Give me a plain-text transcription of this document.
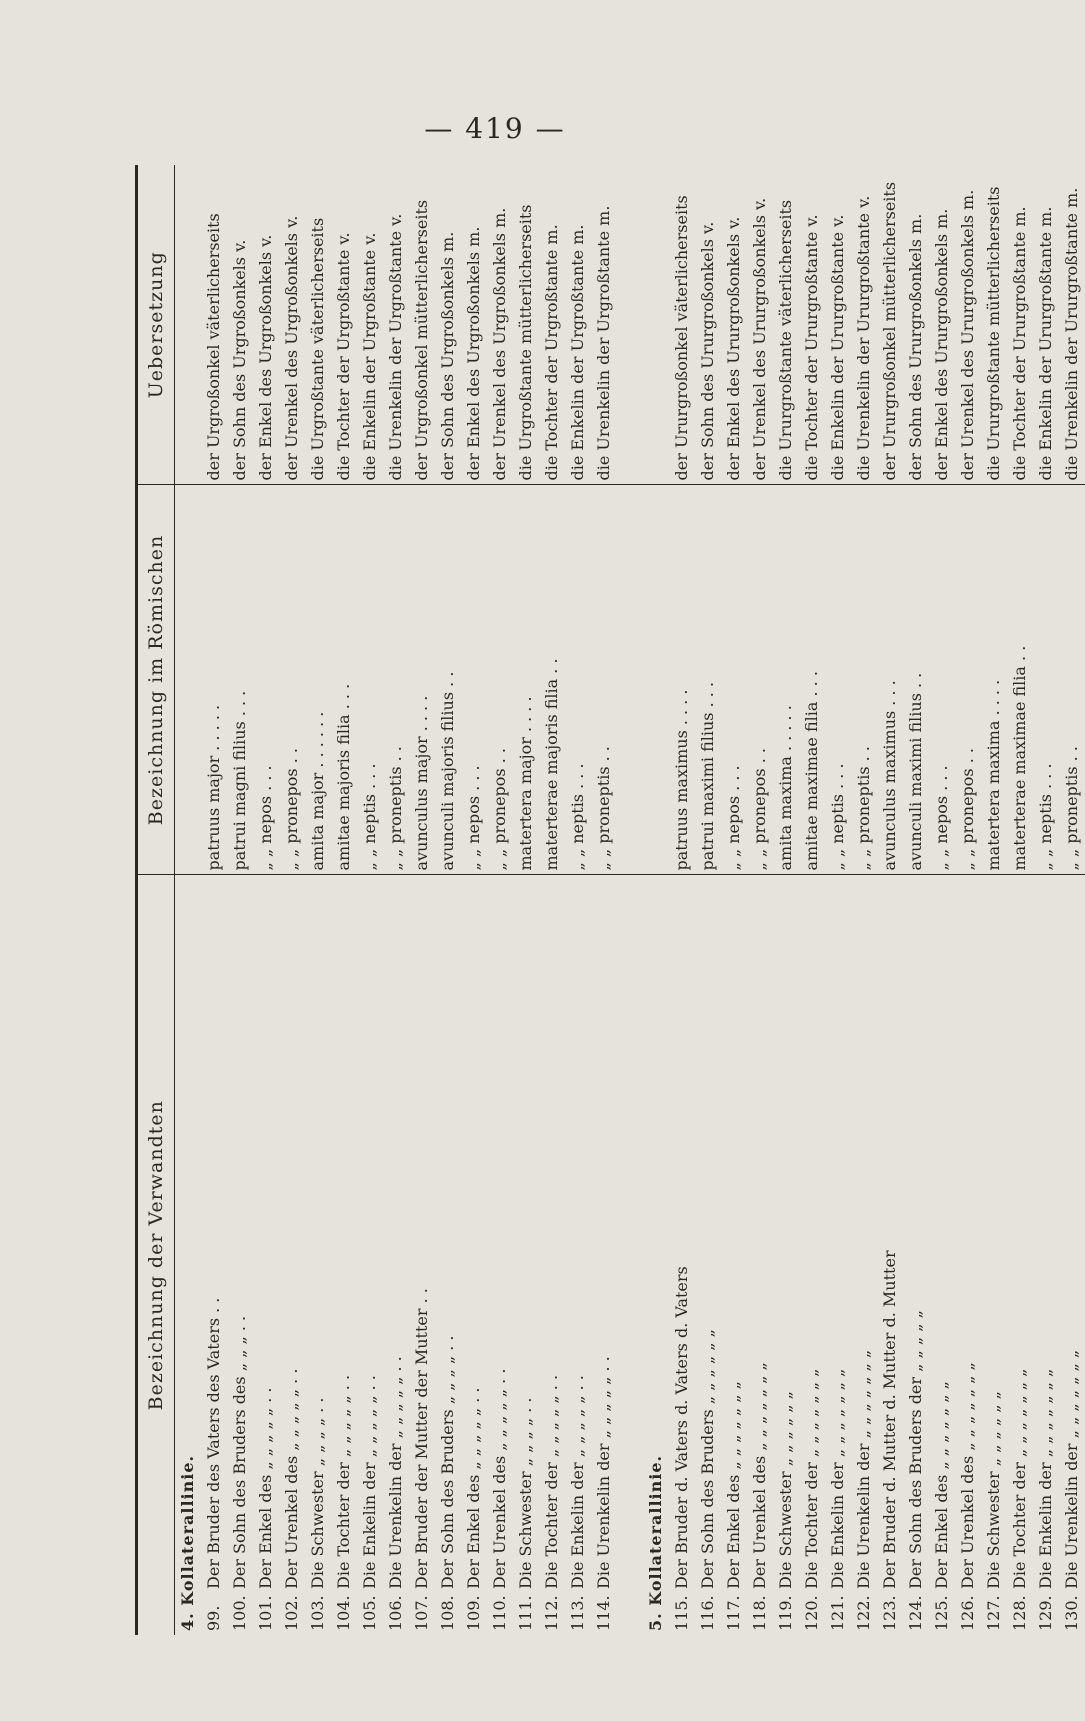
— 419 —
Bezeichnung der Verwandten	Bezeichnung im Römischen	Uebersetzung
4. Kollaterallinie.		
99.Der Bruder des Vaters des Vaters . .	patruus major . . . . .	der Urgroßonkel väterlicherseits
100.Der Sohn des Bruders des „ „ „ . .	patrui magni filius . . .	der Sohn des Urgroßonkels v.
101.Der Enkel des „ „ „ „ „ . .	„ „ nepos . . .	der Enkel des Urgroßonkels v.
102.Der Urenkel des „ „ „ „ „ . .	„ „ pronepos . .	der Urenkel des Urgroßonkels v.
103.Die Schwester „ „ „ „ . .	amita major . . . . . .	die Urgroßtante väterlicherseits
104.Die Tochter der „ „ „ „ „ . .	amitae majoris filia . . .	die Tochter der Urgroßtante v.
105.Die Enkelin der „ „ „ „ „ . .	„ „ neptis . . .	die Enkelin der Urgroßtante v.
106.Die Urenkelin der „ „ „ „ „ . .	„ „ proneptis . .	die Urenkelin der Urgroßtante v.
107.Der Bruder der Mutter der Mutter . .	avunculus major . . . .	der Urgroßonkel mütterlicherseits
108.Der Sohn des Bruders „ „ „ „ . .	avunculi majoris filius . .	der Sohn des Urgroßonkels m.
109.Der Enkel des „ „ „ „ „ . .	„ „ nepos . . .	der Enkel des Urgroßonkels m.
110.Der Urenkel des „ „ „ „ „ . .	„ „ pronepos . .	der Urenkel des Urgroßonkels m.
111.Die Schwester „ „ „ „ . .	matertera major . . . .	die Urgroßtante mütterlicherseits
112.Die Tochter der „ „ „ „ „ . .	materterae majoris filia . .	die Tochter der Urgroßtante m.
113.Die Enkelin der „ „ „ „ „ . .	„ „ neptis . . .	die Enkelin der Urgroßtante m.
114.Die Urenkelin der „ „ „ „ „ . .	„ „ proneptis . .	die Urenkelin der Urgroßtante m.

5. Kollaterallinie.		
115.Der Bruder d. Vaters d. Vaters d. Vaters	patruus maximus . . . .	der Ururgroßonkel väterlicherseits
116.Der Sohn des Bruders „ „ „ „ „ „	patrui maximi filius . . .	der Sohn des Ururgroßonkels v.
117.Der Enkel des „ „ „ „ „ „ „	„ „ nepos . . .	der Enkel des Ururgroßonkels v.
118.Der Urenkel des „ „ „ „ „ „ „	„ „ pronepos . .	der Urenkel des Ururgroßonkels v.
119.Die Schwester „ „ „ „ „ „	amita maxima . . . . .	die Ururgroßtante väterlicherseits
120.Die Tochter der „ „ „ „ „ „ „	amitae maximae filia . . .	die Tochter der Ururgroßtante v.
121.Die Enkelin der „ „ „ „ „ „ „	„ „ neptis . . .	die Enkelin der Ururgroßtante v.
122.Die Urenkelin der „ „ „ „ „ „ „	„ „ proneptis . .	die Urenkelin der Ururgroßtante v.
123.Der Bruder d. Mutter d. Mutter d. Mutter	avunculus maximus . . .	der Ururgroßonkel mütterlicherseits
124.Der Sohn des Bruders der „ „ „ „ „	avunculi maximi filius . .	der Sohn des Ururgroßonkels m.
125.Der Enkel des „ „ „ „ „ „ „	„ „ nepos . . .	der Enkel des Ururgroßonkels m.
126.Der Urenkel des „ „ „ „ „ „ „	„ „ pronepos . .	der Urenkel des Ururgroßonkels m.
127.Die Schwester „ „ „ „ „ „	matertera maxima . . . .	die Ururgroßtante mütterlicherseits
128.Die Tochter der „ „ „ „ „ „ „	materterae maximae filia . .	die Tochter der Ururgroßtante m.
129.Die Enkelin der „ „ „ „ „ „ „	„ „ neptis . . .	die Enkelin der Ururgroßtante m.
130.Die Urenkelin der „ „ „ „ „ „ „	„ „ proneptis . .	die Urenkelin der Ururgroßtante m.
